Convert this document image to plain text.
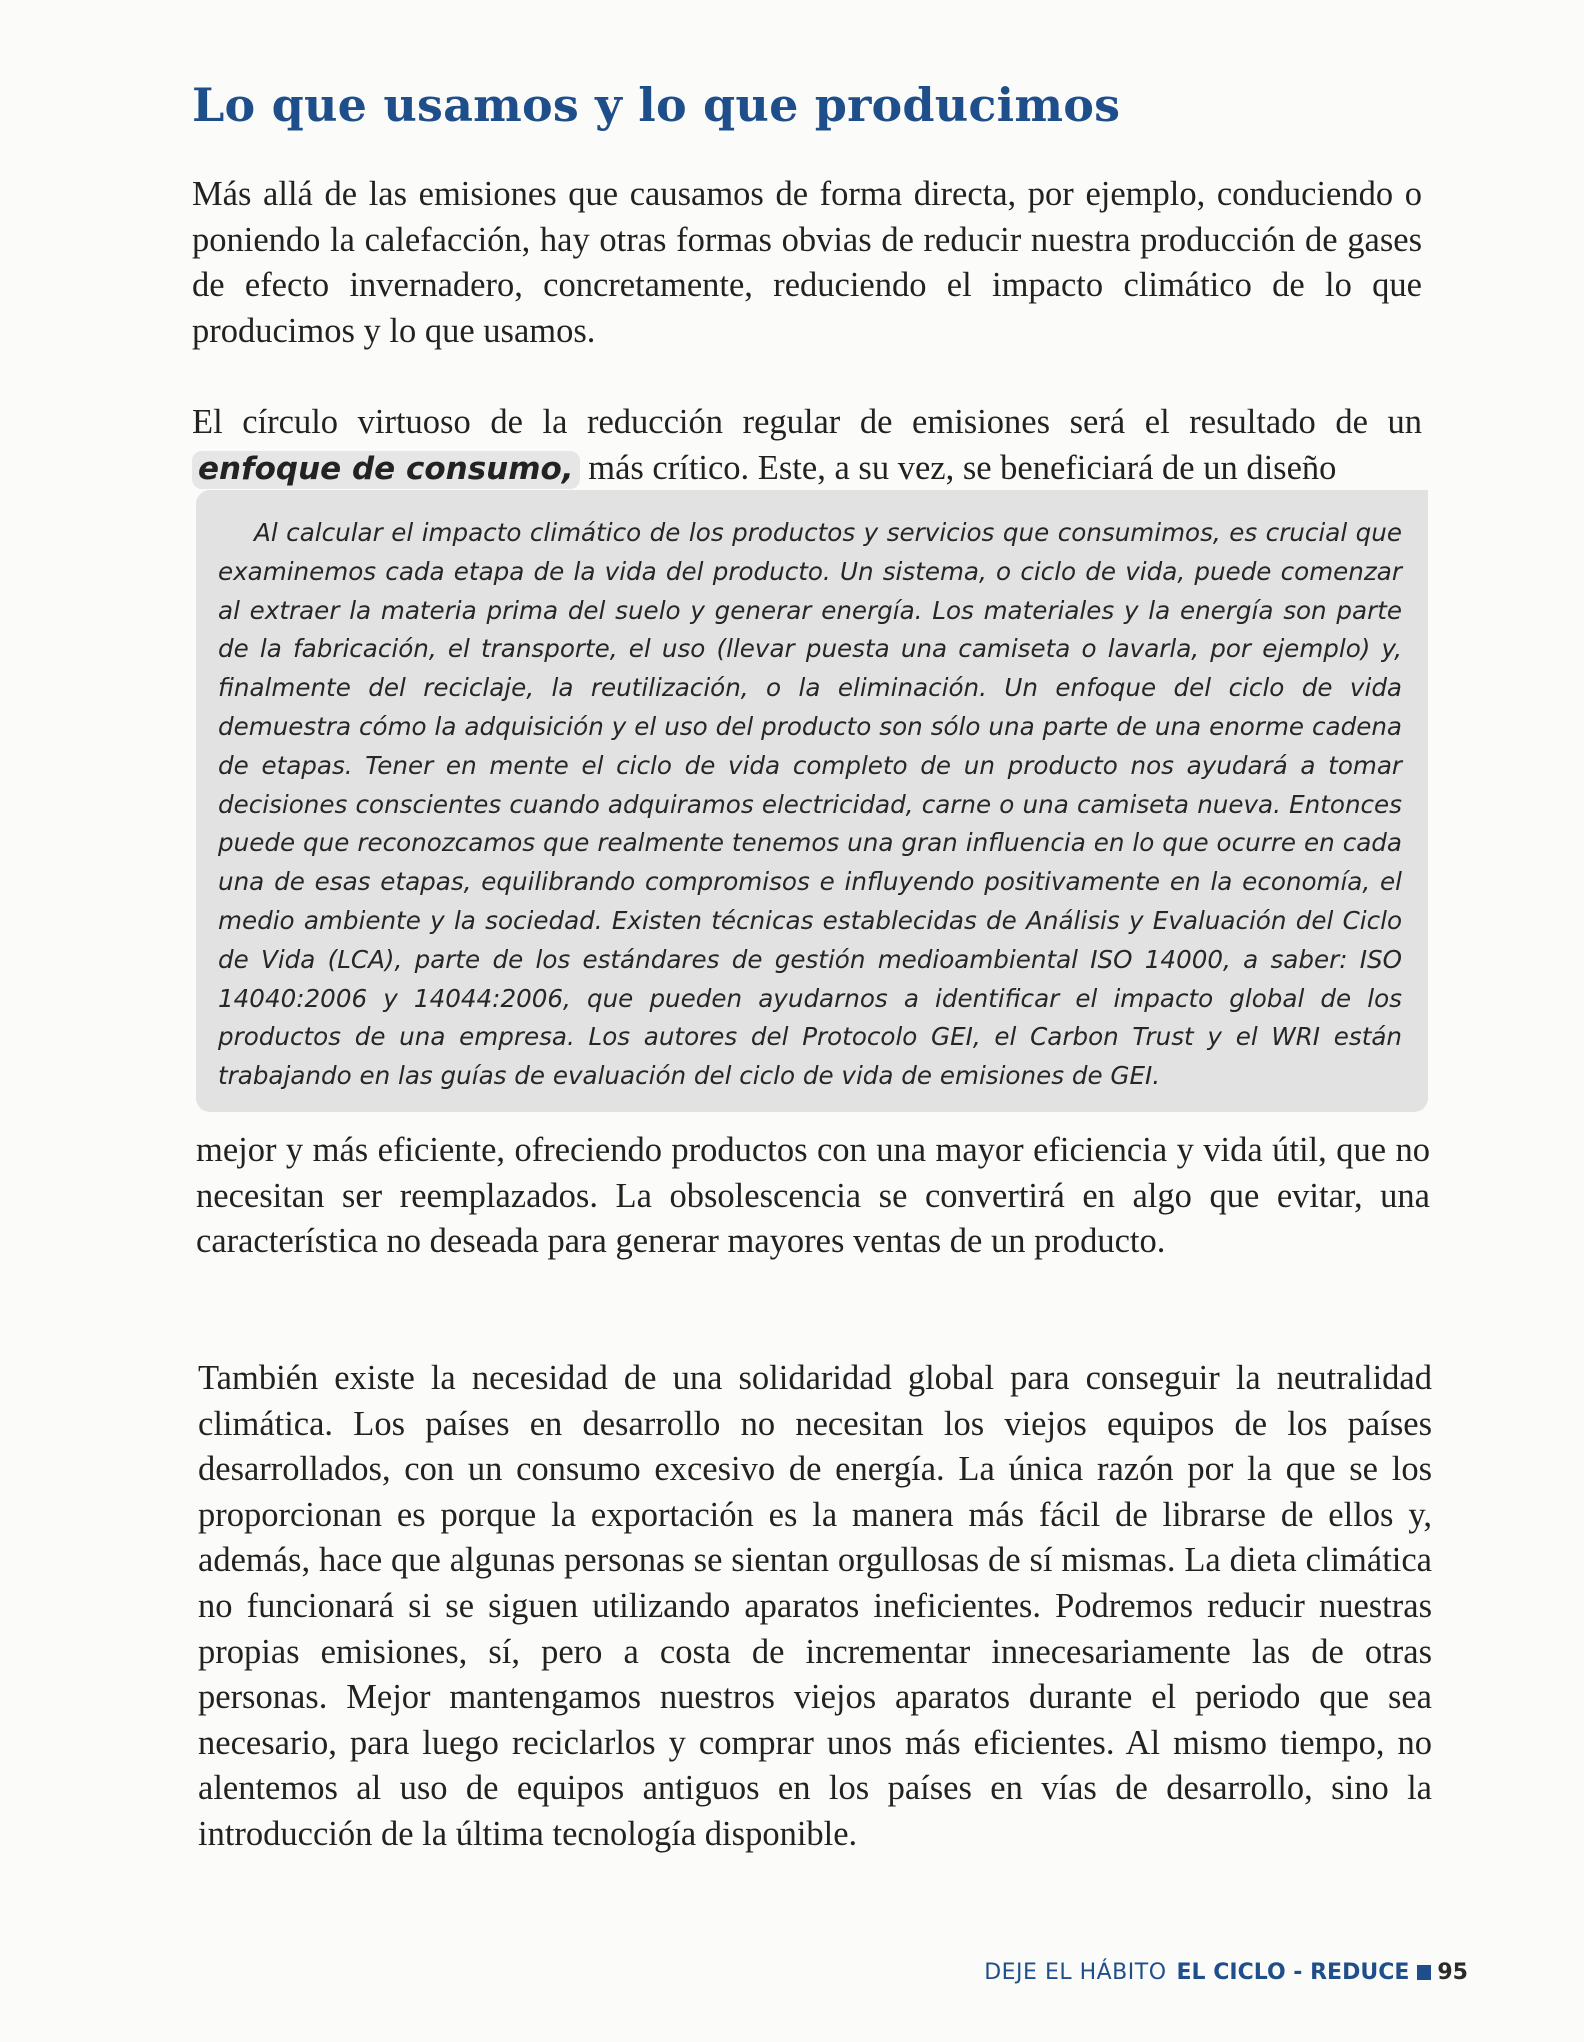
Lo que usamos y lo que producimos

Más allá de las emisiones que causamos de forma directa, por ejemplo, conduciendo o poniendo la calefacción, hay otras formas obvias de reducir nuestra producción de gases de efecto invernadero, concretamente, reduciendo el impacto climático de lo que producimos y lo que usamos.

El círculo virtuoso de la reducción regular de emisiones será el resultado de un enfoque de consumo, más crítico. Este, a su vez, se beneficiará de un diseño

Al calcular el impacto climático de los productos y servicios que consumimos, es crucial que examinemos cada etapa de la vida del producto. Un sistema, o ciclo de vida, puede comenzar al extraer la materia prima del suelo y generar energía. Los materiales y la energía son parte de la fabricación, el transporte, el uso (llevar puesta una camiseta o lavarla, por ejemplo) y, finalmente del reciclaje, la reutilización, o la eliminación. Un enfoque del ciclo de vida demuestra cómo la adquisición y el uso del producto son sólo una parte de una enorme cadena de etapas. Tener en mente el ciclo de vida completo de un producto nos ayudará a tomar decisiones conscientes cuando adquiramos electricidad, carne o una camiseta nueva. Entonces puede que reconozcamos que realmente tenemos una gran influencia en lo que ocurre en cada una de esas etapas, equilibrando compromisos e influyendo positivamente en la economía, el medio ambiente y la sociedad. Existen técnicas establecidas de Análisis y Evaluación del Ciclo de Vida (LCA), parte de los estándares de gestión medioambiental ISO 14000, a saber: ISO 14040:2006 y 14044:2006, que pueden ayudarnos a identificar el impacto global de los productos de una empresa. Los autores del Protocolo GEI, el Carbon Trust y el WRI están trabajando en las guías de evaluación del ciclo de vida de emisiones de GEI.

mejor y más eficiente, ofreciendo productos con una mayor eficiencia y vida útil, que no necesitan ser reemplazados. La obsolescencia se convertirá en algo que evitar, una característica no deseada para generar mayores ventas de un producto.

También existe la necesidad de una solidaridad global para conseguir la neutralidad climática. Los países en desarrollo no necesitan los viejos equipos de los países desarrollados, con un consumo excesivo de energía. La única razón por la que se los proporcionan es porque la exportación es la manera más fácil de librarse de ellos y, además, hace que algunas personas se sientan orgullosas de sí mismas. La dieta climática no funcionará si se siguen utilizando aparatos ineficientes. Podremos reducir nuestras propias emisiones, sí, pero a costa de incrementar innecesariamente las de otras personas. Mejor mantengamos nuestros viejos aparatos durante el periodo que sea necesario, para luego reciclarlos y comprar unos más eficientes. Al mismo tiempo, no alentemos al uso de equipos antiguos en los países en vías de desarrollo, sino la introducción de la última tecnología disponible.

DEJE EL HÁBITO EL CICLO - REDUCE 95
